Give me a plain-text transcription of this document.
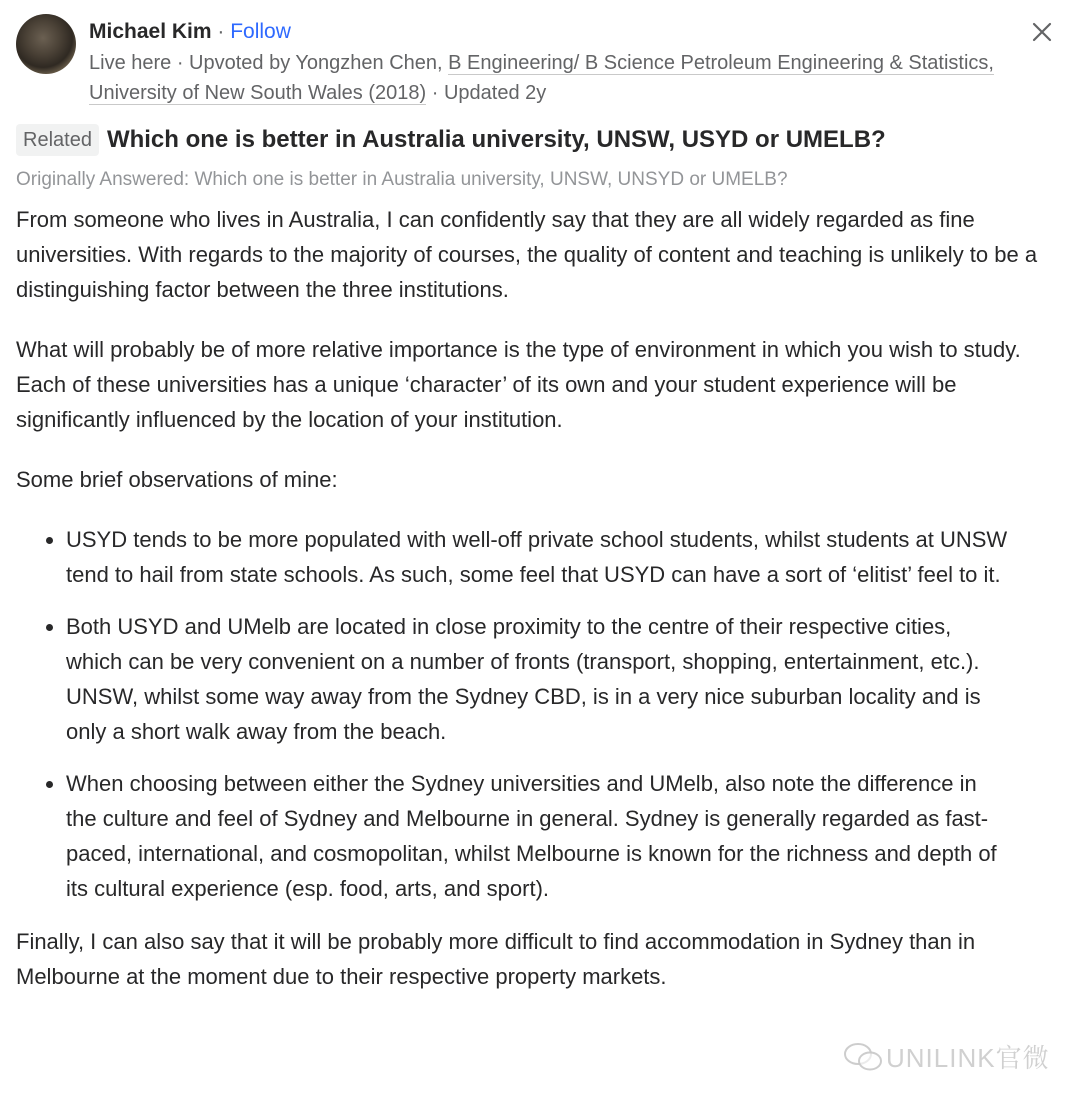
Michael Kim · Follow
Live here · Upvoted by Yongzhen Chen, B Engineering/ B Science Petroleum Engineering & Statistics, University of New South Wales (2018) · Updated 2y
Related Which one is better in Australia university, UNSW, USYD or UMELB?
Originally Answered: Which one is better in Australia university, UNSW, UNSYD or UMELB?

From someone who lives in Australia, I can confidently say that they are all widely regarded as fine universities. With regards to the majority of courses, the quality of content and teaching is unlikely to be a distinguishing factor between the three institutions.

What will probably be of more relative importance is the type of environment in which you wish to study. Each of these universities has a unique ‘character’ of its own and your student experience will be significantly influenced by the location of your institution.

Some brief observations of mine:

• USYD tends to be more populated with well-off private school students, whilst students at UNSW tend to hail from state schools. As such, some feel that USYD can have a sort of ‘elitist’ feel to it.
• Both USYD and UMelb are located in close proximity to the centre of their respective cities, which can be very convenient on a number of fronts (transport, shopping, entertainment, etc.). UNSW, whilst some way away from the Sydney CBD, is in a very nice suburban locality and is only a short walk away from the beach.
• When choosing between either the Sydney universities and UMelb, also note the difference in the culture and feel of Sydney and Melbourne in general. Sydney is generally regarded as fast-paced, international, and cosmopolitan, whilst Melbourne is known for the richness and depth of its cultural experience (esp. food, arts, and sport).

Finally, I can also say that it will be probably more difficult to find accommodation in Sydney than in Melbourne at the moment due to their respective property markets.

UNILINK官微
